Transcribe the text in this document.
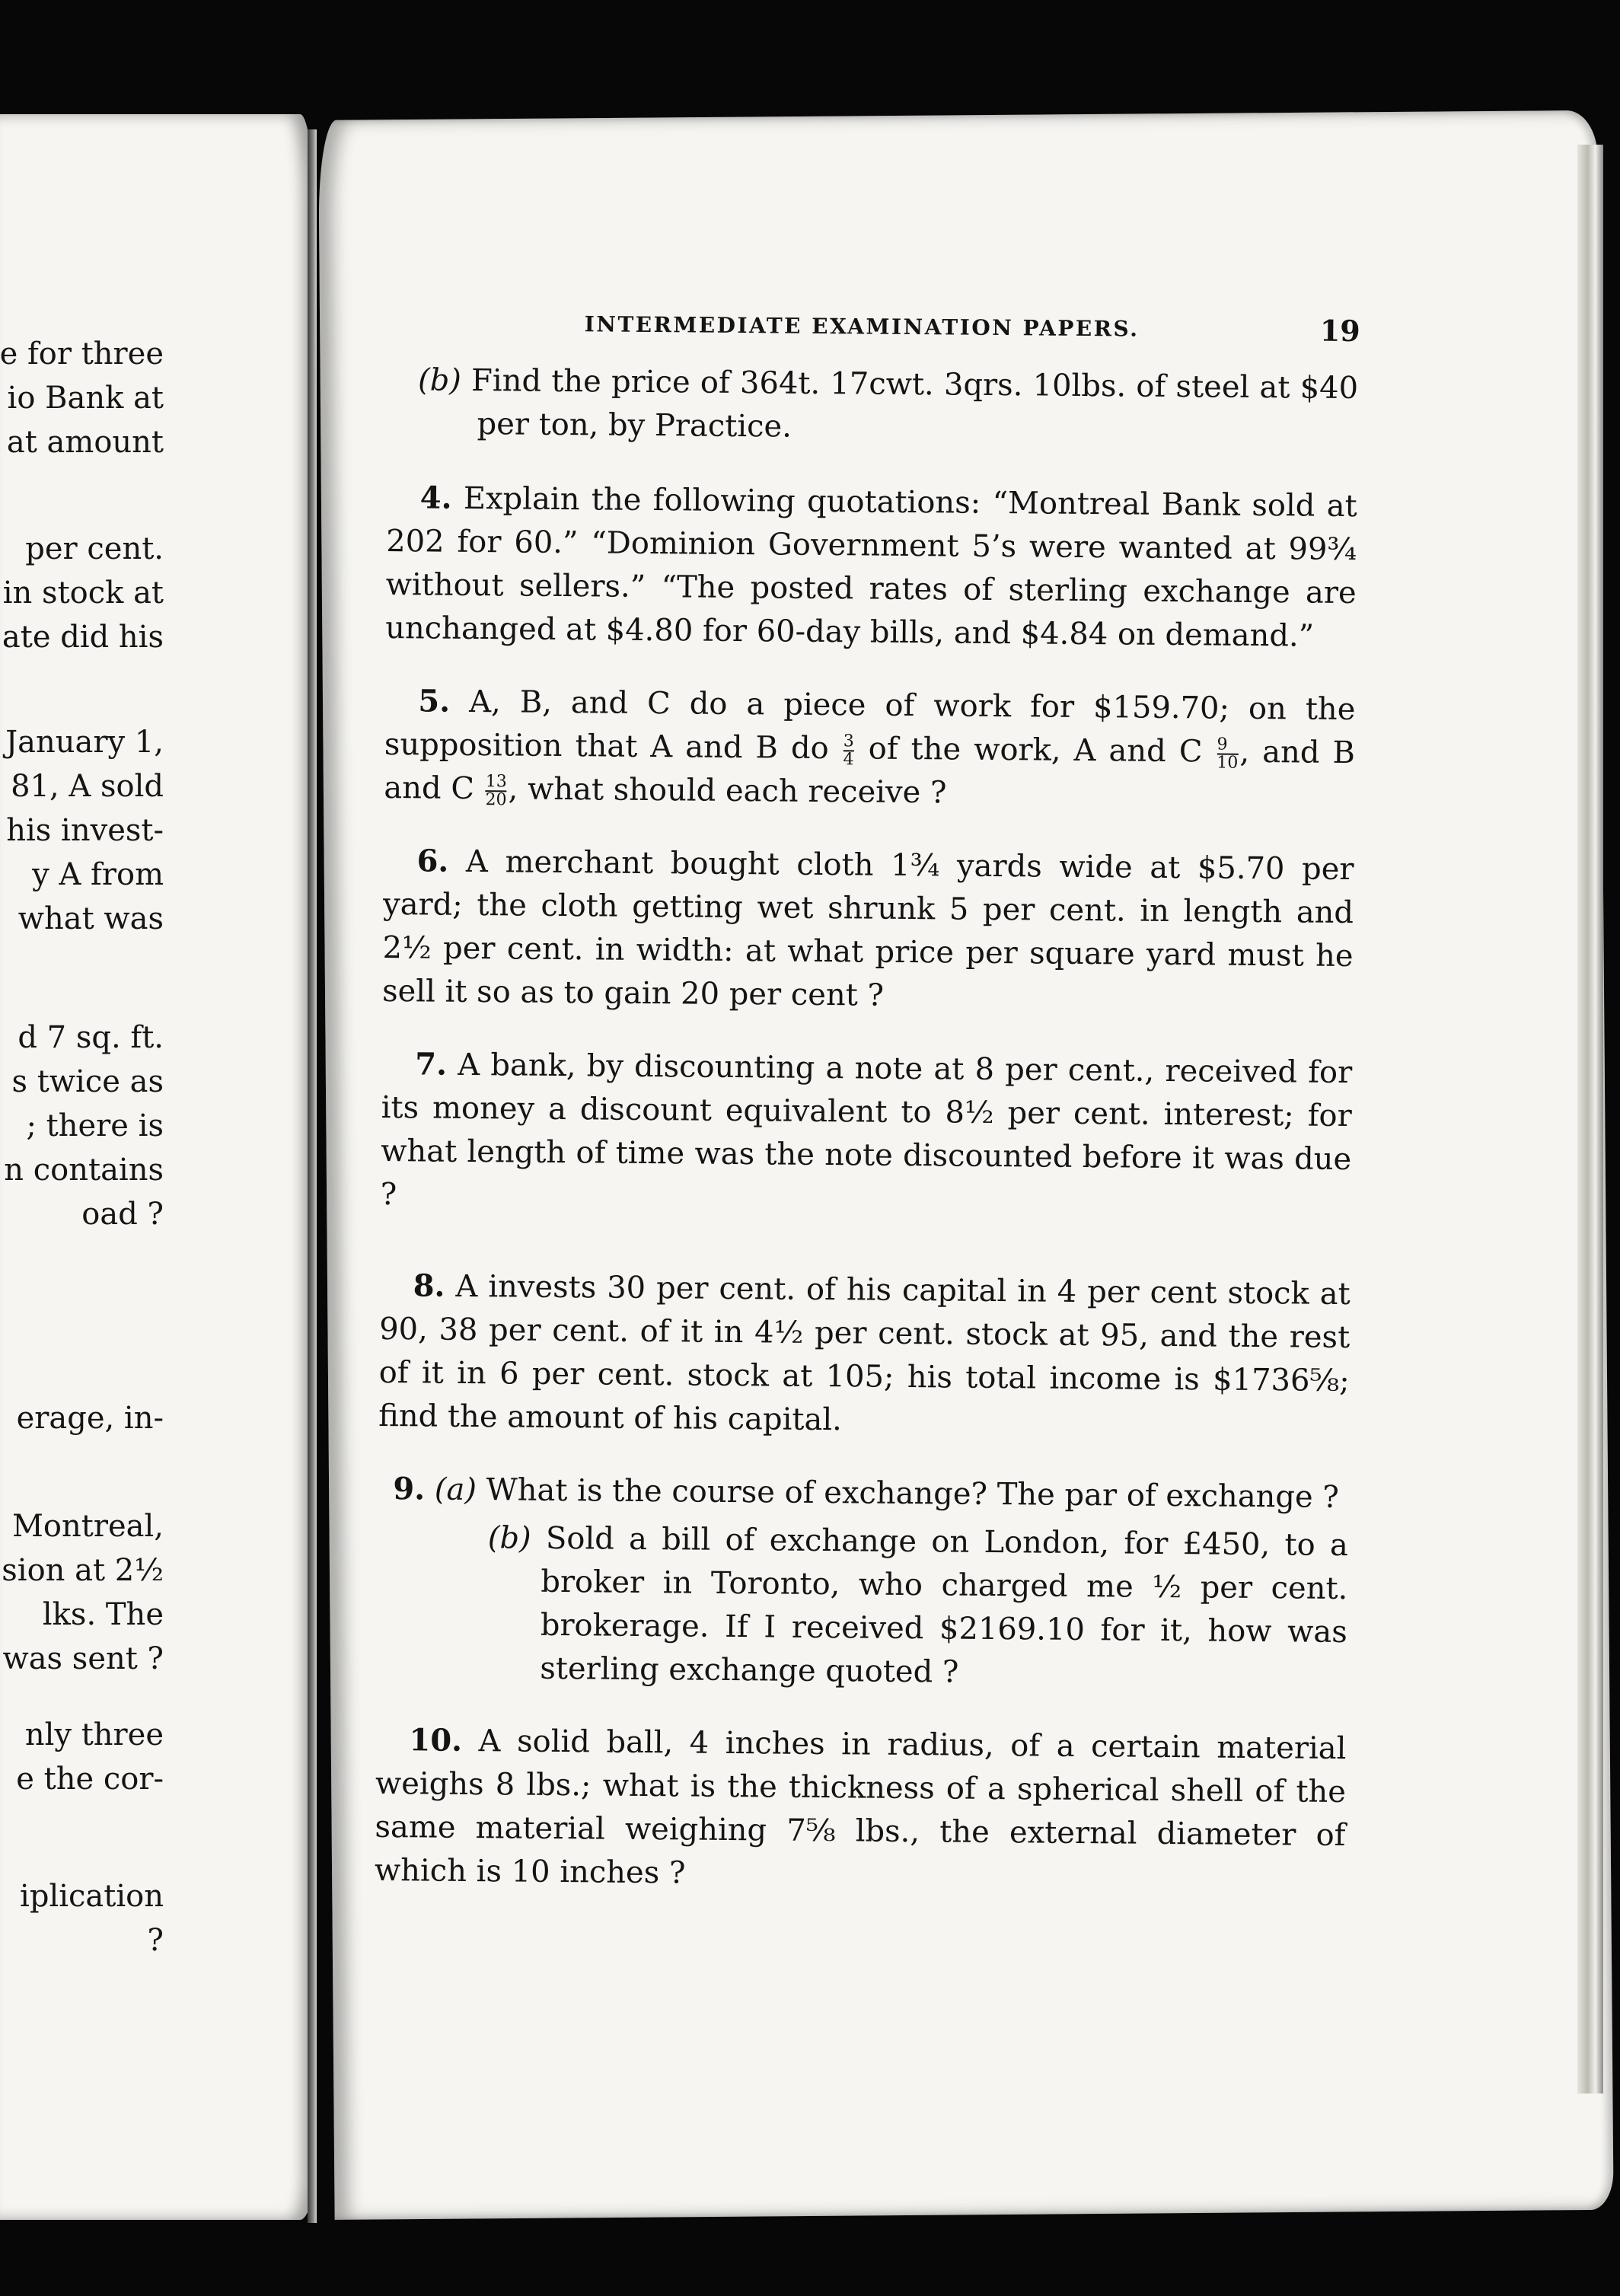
e for three
io Bank at
at amount
per cent.
in stock at
ate did his
January 1,
81, A sold
his invest-
y A from
what was
d 7 sq. ft.
s twice as
; there is
n contains
oad ?
erage, in-
Montreal,
sion at 2½
lks. The
was sent ?
nly three
e the cor-
iplication
?
INTERMEDIATE EXAMINATION PAPERS.	19
(b) Find the price of 364t. 17cwt. 3qrs. 10lbs. of steel at $40 per ton, by Practice.
4. Explain the following quotations: “Montreal Bank sold at 202 for 60.” “Dominion Government 5’s were wanted at 99¾ without sellers.” “The posted rates of sterling exchange are unchanged at $4.80 for 60-day bills, and $4.84 on demand.”
5. A, B, and C do a piece of work for $159.70; on the supposition that A and B do $\frac{3}{4}$ of the work, A and C $\frac{9}{10}$ , and B and C $\frac{13}{20}$ , what should each receive ?
6. A merchant bought cloth 1¾ yards wide at $5.70 per yard; the cloth getting wet shrunk 5 per cent. in length and 2½ per cent. in width: at what price per square yard must he sell it so as to gain 20 per cent ?
7. A bank, by discounting a note at 8 per cent., received for its money a discount equivalent to 8½ per cent. interest; for what length of time was the note discounted before it was due ?
8. A invests 30 per cent. of his capital in 4 per cent stock at 90, 38 per cent. of it in 4½ per cent. stock at 95, and the rest of it in 6 per cent. stock at 105; his total income is $1736⅝; find the amount of his capital.
9. (a) What is the course of exchange? The par of exchange ?
(b) Sold a bill of exchange on London, for £450, to a broker in Toronto, who charged me ½ per cent. brokerage. If I received $2169.10 for it, how was sterling exchange quoted ?
10. A solid ball, 4 inches in radius, of a certain material weighs 8 lbs.; what is the thickness of a spherical shell of the same material weighing 7⅝ lbs., the external diameter of which is 10 inches ?
